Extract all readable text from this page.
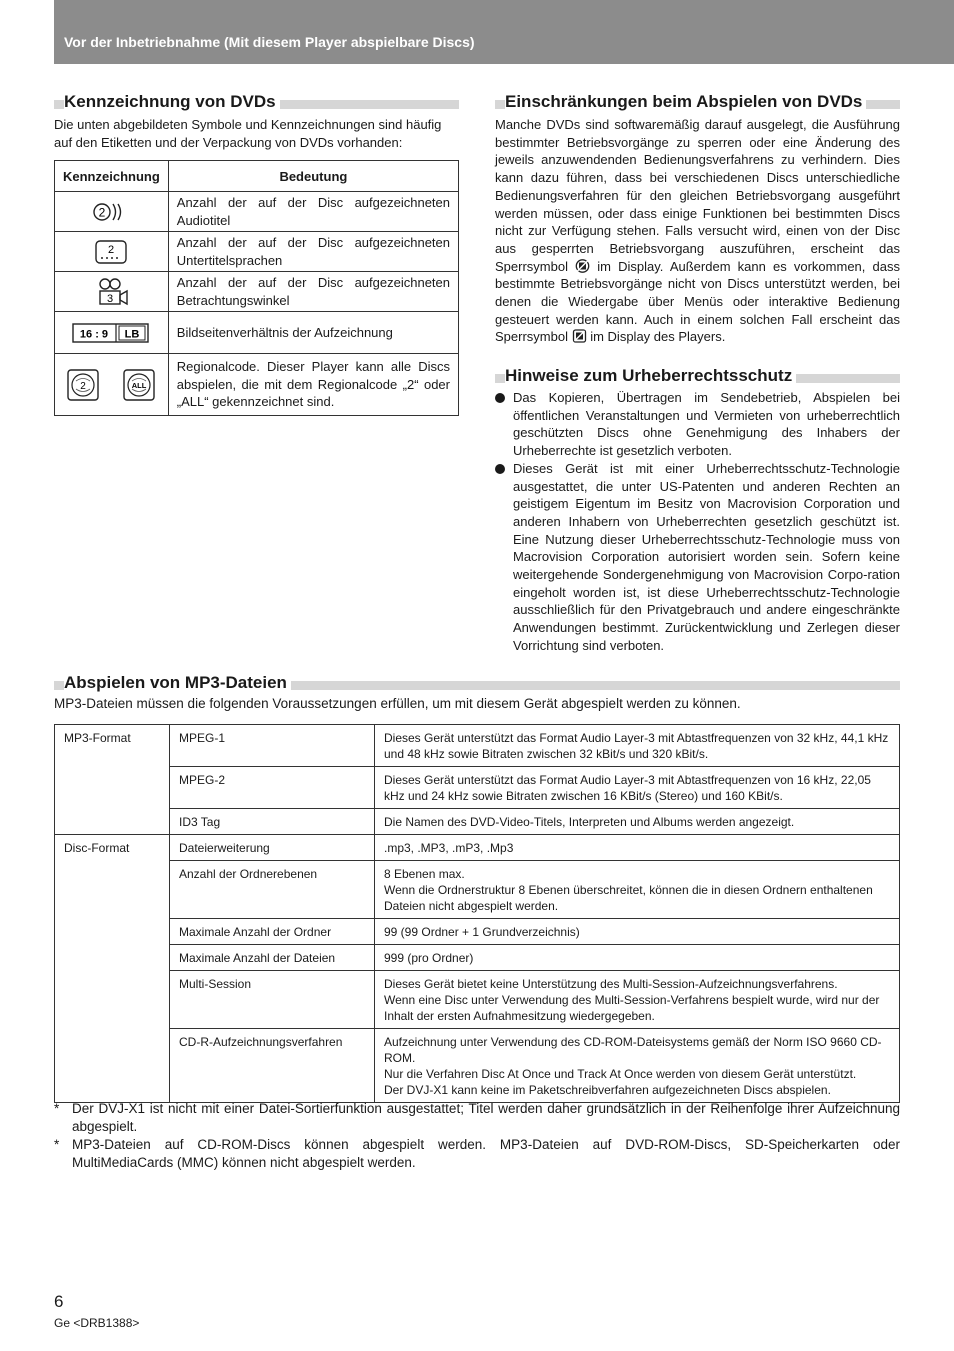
Vor der Inbetriebnahme (Mit diesem Player abspielbare Discs)
Kennzeichnung von DVDs
Die unten abgebildeten Symbole und Kennzeichnungen sind häufig auf den Etiketten und der Verpackung von DVDs vorhanden:
Kennzeichnung	Bedeutung

2	Anzahl der auf der Disc aufgezeichneten Audiotitel

2	Anzahl der auf der Disc aufgezeichneten Untertitelsprachen

3	Anzahl der auf der Disc aufgezeichneten Betrachtungswinkel

16 : 9 LB	Bildseitenverhältnis der Aufzeichnung

2 ALL	Regionalcode. Dieser Player kann alle Discs abspielen, die mit dem Regionalcode „2“ oder „ALL“ gekennzeichnet sind.
Einschränkungen beim Abspielen von DVDs
Manche DVDs sind softwaremäßig darauf ausgelegt, die Ausführung bestimmter Betriebsvorgänge zu sperren oder eine Änderung des jeweils anzuwendenden Bedienungsverfahrens zu verhindern. Dies kann dazu führen, dass bei verschiedenen Discs unterschiedliche Bedienungsverfahren für den gleichen Betriebsvorgang ausgeführt werden müssen, oder dass einige Funktionen bei bestimmten Discs nicht zur Verfügung stehen. Falls versucht wird, einen von der Disc aus gesperrten Betriebsvorgang auszuführen, erscheint das Sperrsymbol im Display. Außerdem kann es vorkommen, dass bestimmte Betriebsvorgänge nicht von Discs unterstützt werden, bei denen die Wiedergabe über Menüs oder interaktive Bedienung gesteuert werden kann. Auch in einem solchen Fall erscheint das Sperrsymbol im Display des Players.
Hinweise zum Urheberrechtsschutz
Das Kopieren, Übertragen im Sendebetrieb, Abspielen bei öffentlichen Veranstaltungen und Vermieten von urheberrechtlich geschützten Discs ohne Genehmigung des Inhabers der Urheberrechte ist gesetzlich verboten.
Dieses Gerät ist mit einer Urheberrechtsschutz-Technologie ausgestattet, die unter US-Patenten und anderen Rechten an geistigem Eigentum im Besitz von Macrovision Corporation und anderen Inhabern von Urheberrechten gesetzlich geschützt ist. Eine Nutzung dieser Urheberrechtsschutz-Technologie muss von Macrovision Corporation autorisiert worden sein. Sofern keine weitergehende Sondergenehmigung von Macrovision Corpo-ration eingeholt worden ist, ist diese Urheberrechtsschutz-Technologie ausschließlich für den Privatgebrauch und andere eingeschränkte Anwendungen bestimmt. Zurückentwicklung und Zerlegen dieser Vorrichtung sind verboten.
Abspielen von MP3-Dateien
MP3-Dateien müssen die folgenden Voraussetzungen erfüllen, um mit diesem Gerät abgespielt werden zu können.
MP3-Format	MPEG-1	Dieses Gerät unterstützt das Format Audio Layer-3 mit Abtastfrequenzen von 32 kHz, 44,1 kHz und 48 kHz sowie Bitraten zwischen 32 kBit/s und 320 kBit/s.
	MPEG-2	Dieses Gerät unterstützt das Format Audio Layer-3 mit Abtastfrequenzen von 16 kHz, 22,05 kHz und 24 kHz sowie Bitraten zwischen 16 KBit/s (Stereo) und 160 KBit/s.
	ID3 Tag	Die Namen des DVD-Video-Titels, Interpreten und Albums werden angezeigt.
Disc-Format	Dateierweiterung	.mp3, .MP3, .mP3, .Mp3
	Anzahl der Ordnerebenen	8 Ebenen max.
Wenn die Ordnerstruktur 8 Ebenen überschreitet, können die in diesen Ordnern enthaltenen Dateien nicht abgespielt werden.
	Maximale Anzahl der Ordner	99 (99 Ordner + 1 Grundverzeichnis)
	Maximale Anzahl der Dateien	999 (pro Ordner)
	Multi-Session	Dieses Gerät bietet keine Unterstützung des Multi-Session-Aufzeichnungsverfahrens.
Wenn eine Disc unter Verwendung des Multi-Session-Verfahrens bespielt wurde, wird nur der Inhalt der ersten Aufnahmesitzung wiedergegeben.
	CD-R-Aufzeichnungsverfahren	Aufzeichnung unter Verwendung des CD-ROM-Dateisystems gemäß der Norm ISO 9660 CD-ROM.
Nur die Verfahren Disc At Once und Track At Once werden von diesem Gerät unterstützt.
Der DVJ-X1 kann keine im Paketschreibverfahren aufgezeichneten Discs abspielen.
* Der DVJ-X1 ist nicht mit einer Datei-Sortierfunktion ausgestattet; Titel werden daher grundsätzlich in der Reihenfolge ihrer Aufzeichnung abgespielt.
* MP3-Dateien auf CD-ROM-Discs können abgespielt werden. MP3-Dateien auf DVD-ROM-Discs, SD-Speicherkarten oder MultiMediaCards (MMC) können nicht abgespielt werden.
6
Ge <DRB1388>
